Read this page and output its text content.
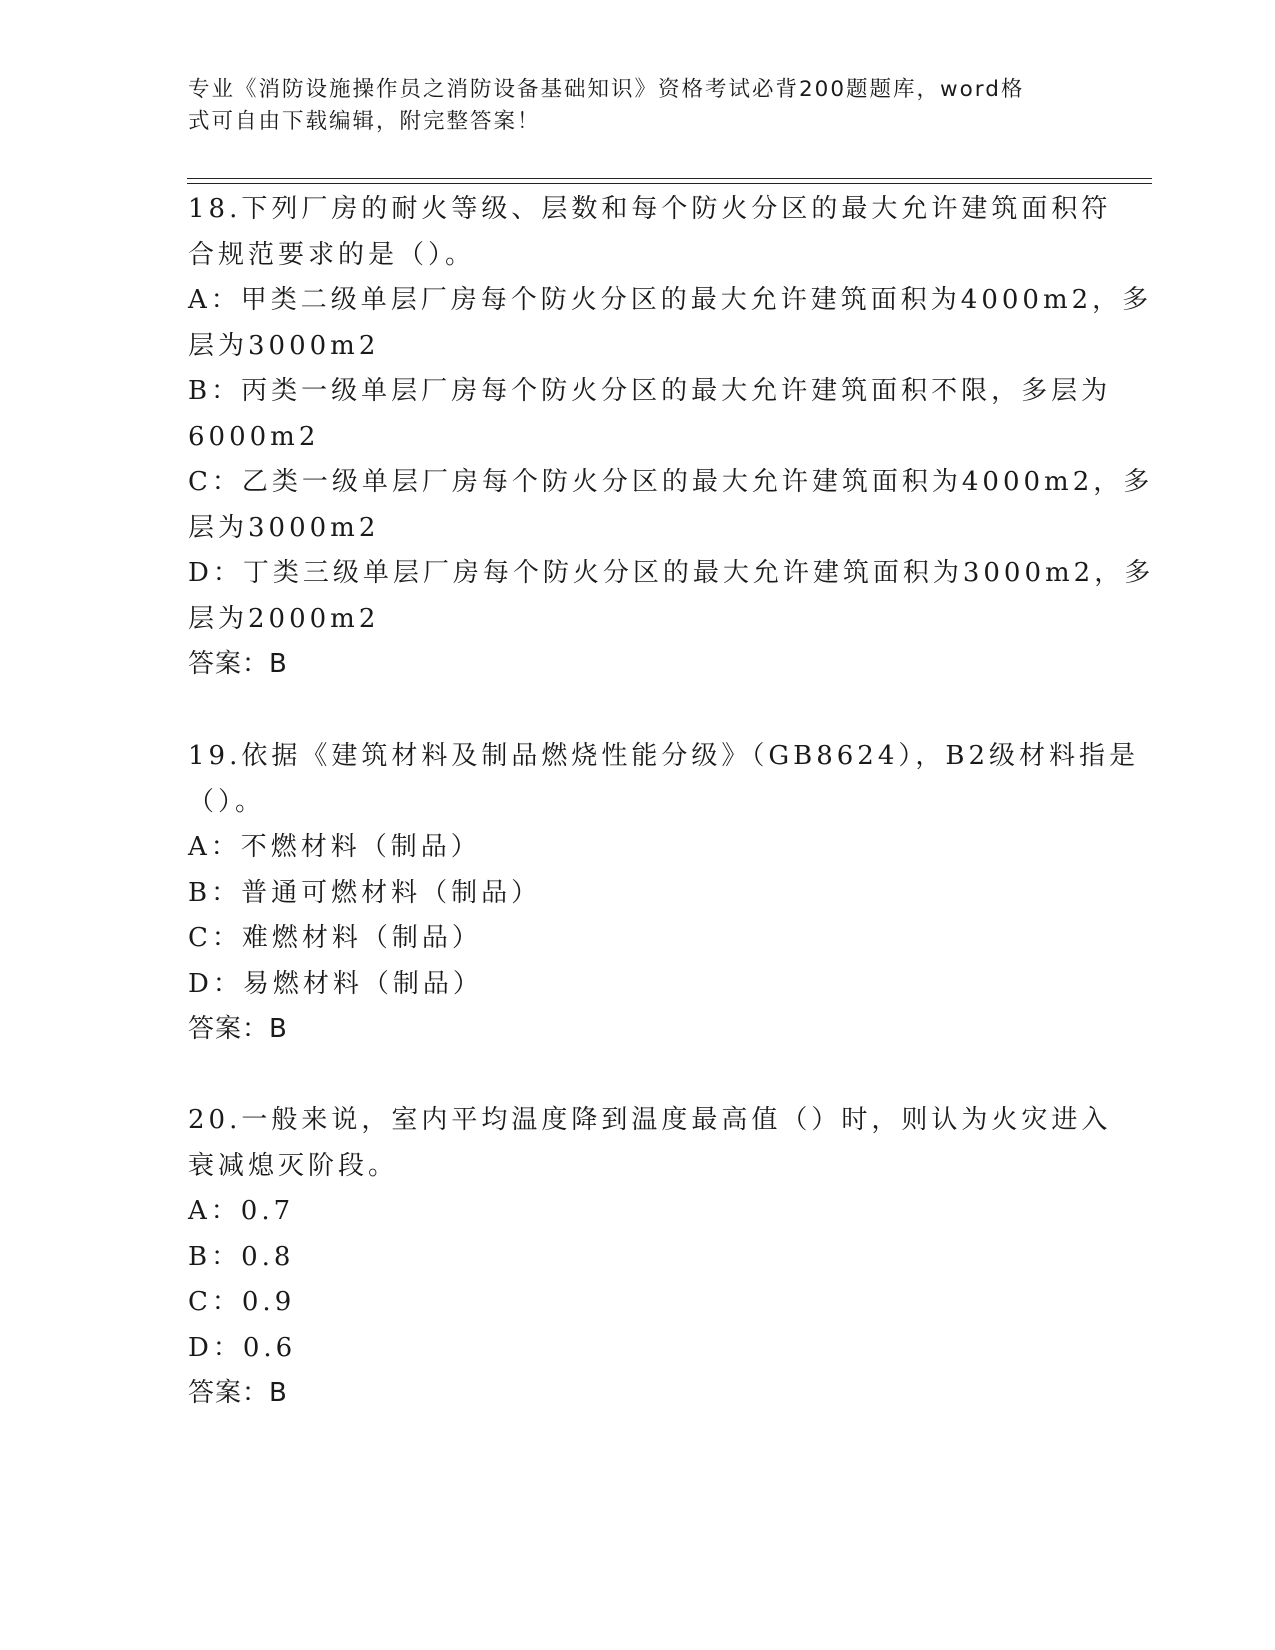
专业《消防设施操作员之消防设备基础知识》资格考试必背200题题库，word格
式可自由下载编辑，附完整答案！
18.下列厂房的耐火等级、层数和每个防火分区的最大允许建筑面积符
合规范要求的是（）。
A：甲类二级单层厂房每个防火分区的最大允许建筑面积为4000m2，多
层为3000m2
B：丙类一级单层厂房每个防火分区的最大允许建筑面积不限，多层为
6000m2
C：乙类一级单层厂房每个防火分区的最大允许建筑面积为4000m2，多
层为3000m2
D：丁类三级单层厂房每个防火分区的最大允许建筑面积为3000m2，多
层为2000m2
答案：B
19.依据《建筑材料及制品燃烧性能分级》（GB8624），B2级材料指是
（）。
A：不燃材料（制品）
B：普通可燃材料（制品）
C：难燃材料（制品）
D：易燃材料（制品）
答案：B
20.一般来说，室内平均温度降到温度最高值（）时，则认为火灾进入
衰减熄灭阶段。
A：0.7
B：0.8
C：0.9
D：0.6
答案：B
